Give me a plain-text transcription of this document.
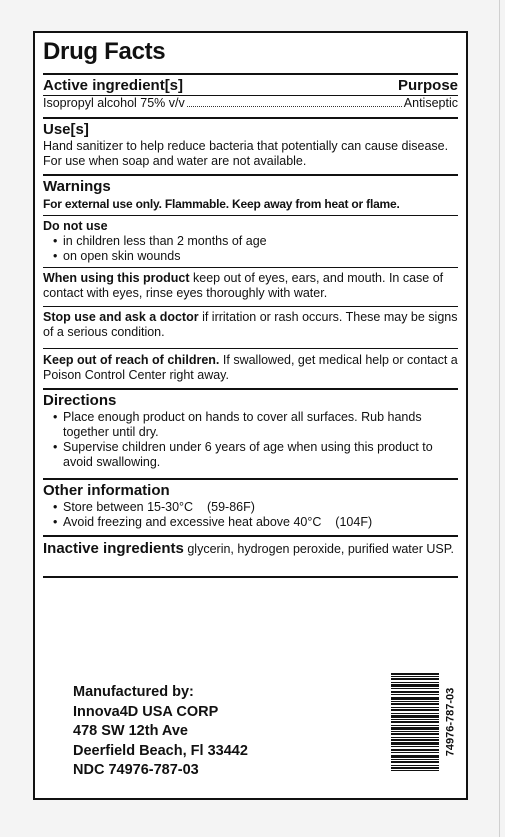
Drug Facts
Active ingredient[s]	Purpose
Isopropyl alcohol 75% v/v	Antiseptic
Use[s]
Hand sanitizer to help reduce bacteria that potentially can cause disease. For use when soap and water are not available.
Warnings
For external use only. Flammable. Keep away from heat or flame.
Do not use
• in children less than 2 months of age
• on open skin wounds
When using this product keep out of eyes, ears, and mouth. In case of contact with eyes, rinse eyes thoroughly with water.
Stop use and ask a doctor if irritation or rash occurs. These may be signs of a serious condition.
Keep out of reach of children. If swallowed, get medical help or contact a Poison Control Center right away.
Directions
• Place enough product on hands to cover all surfaces. Rub hands together until dry.
• Supervise children under 6 years of age when using this product to avoid swallowing.
Other information
• Store between 15-30°C    (59-86F)
• Avoid freezing and excessive heat above 40°C    (104F)
Inactive ingredients glycerin, hydrogen peroxide, purified water USP.
Manufactured by:
Innova4D USA CORP
478 SW 12th Ave
Deerfield Beach, Fl 33442
NDC 74976-787-03
74976-787-03
